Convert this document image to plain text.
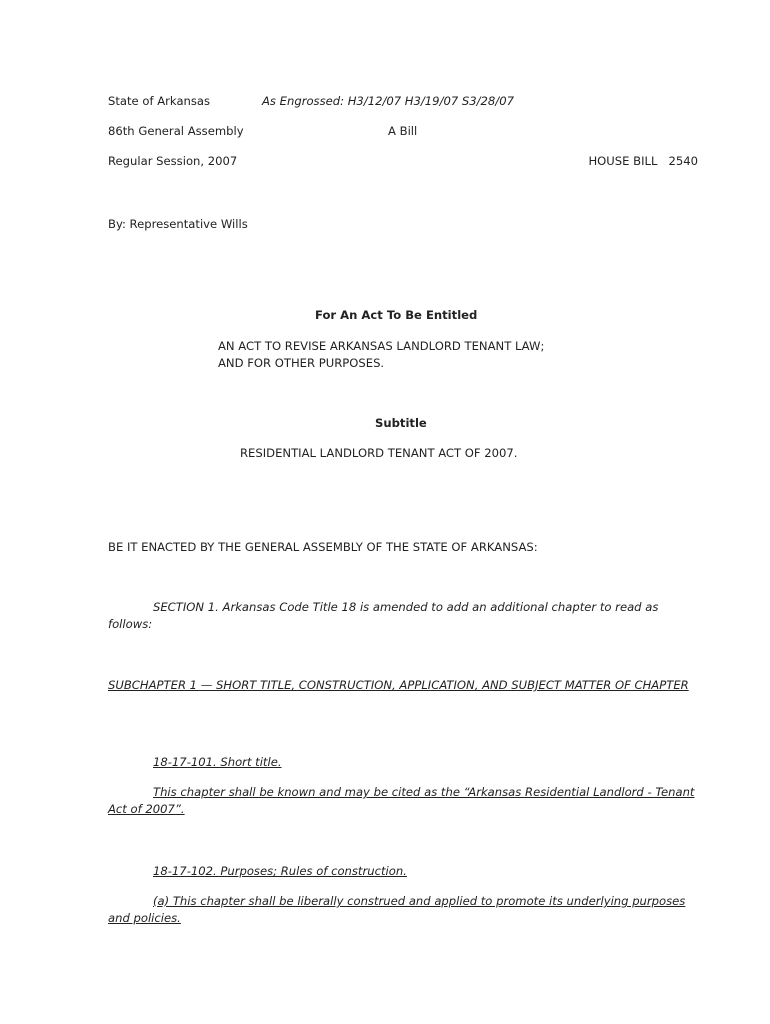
State of Arkansas	As Engrossed: H3/12/07 H3/19/07 S3/28/07
86th General Assembly	A Bill
Regular Session, 2007	HOUSE BILL   2540
By: Representative Wills
For An Act To Be Entitled
AN ACT TO REVISE ARKANSAS LANDLORD TENANT LAW;
AND FOR OTHER PURPOSES.
Subtitle
RESIDENTIAL LANDLORD TENANT ACT OF 2007.
BE IT ENACTED BY THE GENERAL ASSEMBLY OF THE STATE OF ARKANSAS:
SECTION 1. Arkansas Code Title 18 is amended to add an additional chapter to read as follows:
SUBCHAPTER 1 — SHORT TITLE, CONSTRUCTION, APPLICATION, AND SUBJECT MATTER OF CHAPTER
18-17-101. Short title.
This chapter shall be known and may be cited as the “Arkansas Residential Landlord - Tenant Act of 2007”.
18-17-102. Purposes; Rules of construction.
(a) This chapter shall be liberally construed and applied to promote its underlying purposes and policies.
